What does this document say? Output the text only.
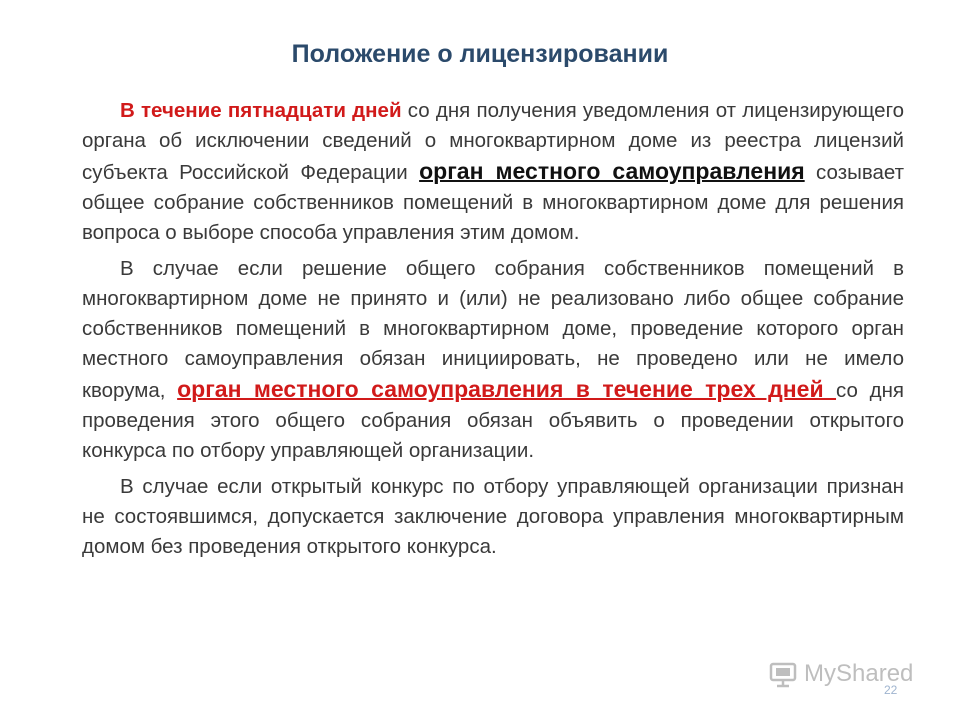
Положение о лицензировании

В течение пятнадцати дней со дня получения уведомления от лицензирующего органа об исключении сведений о многоквартирном доме из реестра лицензий субъекта Российской Федерации орган местного самоуправления созывает общее собрание собственников помещений в многоквартирном доме для решения вопроса о выборе способа управления этим домом.

В случае если решение общего собрания собственников помещений в многоквартирном доме не принято и (или) не реализовано либо общее собрание собственников помещений в многоквартирном доме, проведение которого орган местного самоуправления обязан инициировать, не проведено или не имело кворума, орган местного самоуправления в течение трех дней со дня проведения этого общего собрания обязан объявить о проведении открытого конкурса по отбору управляющей организации.

В случае если открытый конкурс по отбору управляющей организации признан не состоявшимся, допускается заключение договора управления многоквартирным домом без проведения открытого конкурса.

MyShared
22
